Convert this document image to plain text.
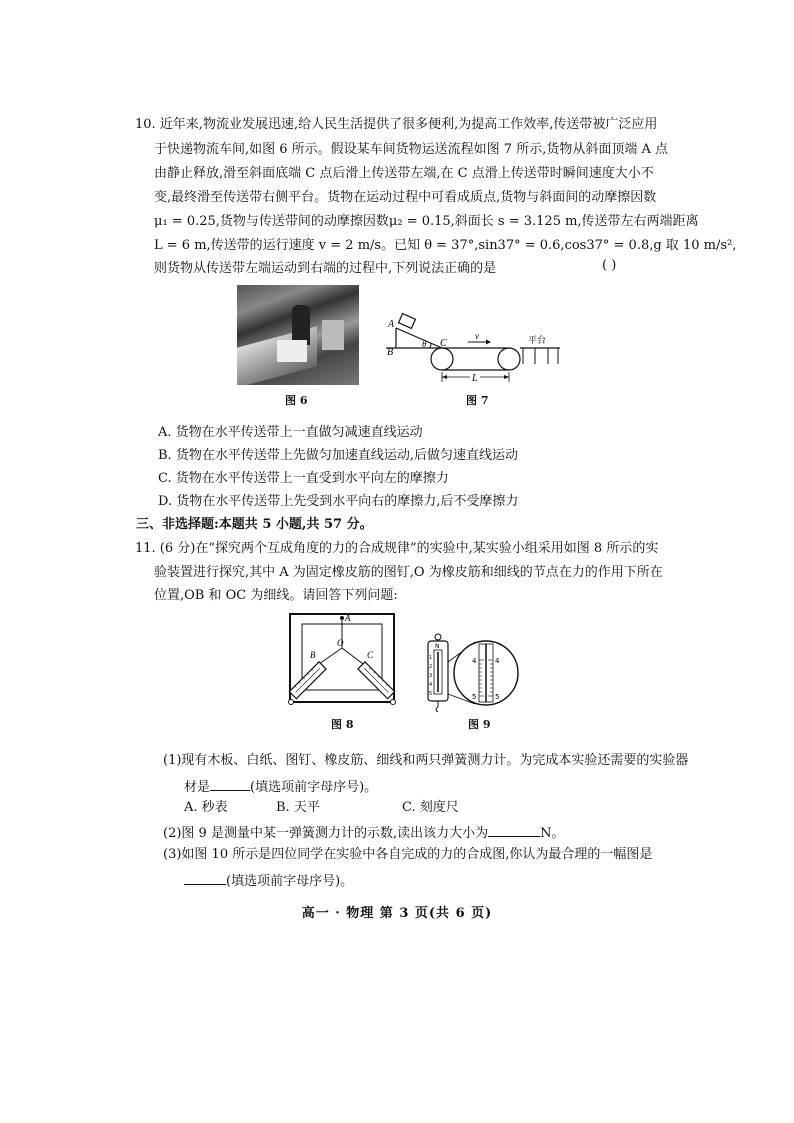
10. 近年来,物流业发展迅速,给人民生活提供了很多便利,为提高工作效率,传送带被广泛应用
于快递物流车间,如图 6 所示。假设某车间货物运送流程如图 7 所示,货物从斜面顶端 A 点
由静止释放,滑至斜面底端 C 点后滑上传送带左端,在 C 点滑上传送带时瞬间速度大小不
变,最终滑至传送带右侧平台。货物在运动过程中可看成质点,货物与斜面间的动摩擦因数
μ₁ = 0.25,货物与传送带间的动摩擦因数μ₂ = 0.15,斜面长 s = 3.125 m,传送带左右两端距离
L = 6 m,传送带的运行速度 v = 2 m/s。已知 θ = 37°,sin37° = 0.6,cos37° = 0.8,g 取 10 m/s²,
则货物从传送带左端运动到右端的过程中,下列说法正确的是	( )
图 6
A
B
θ C
v
L
平台
图 7
A. 货物在水平传送带上一直做匀减速直线运动
B. 货物在水平传送带上先做匀加速直线运动,后做匀速直线运动
C. 货物在水平传送带上一直受到水平向左的摩擦力
D. 货物在水平传送带上先受到水平向右的摩擦力,后不受摩擦力
三、非选择题:本题共 5 小题,共 57 分。
11. (6 分)在“探究两个互成角度的力的合成规律”的实验中,某实验小组采用如图 8 所示的实
验装置进行探究,其中 A 为固定橡皮筋的图钉,O 为橡皮筋和细线的节点在力的作用下所在
位置,OB 和 OC 为细线。请回答下列问题:
A
O
B	C
图 8
N
1
2
3
4
5
4	4
5	5
图 9
(1)现有木板、白纸、图钉、橡皮筋、细线和两只弹簧测力计。为完成本实验还需要的实验器
材是	(填选项前字母序号)。
A. 秒表	B. 天平	C. 刻度尺
(2)图 9 是测量中某一弹簧测力计的示数,读出该力大小为	N。
(3)如图 10 所示是四位同学在实验中各自完成的力的合成图,你认为最合理的一幅图是
(填选项前字母序号)。
高一 · 物理 第 3 页(共 6 页)
